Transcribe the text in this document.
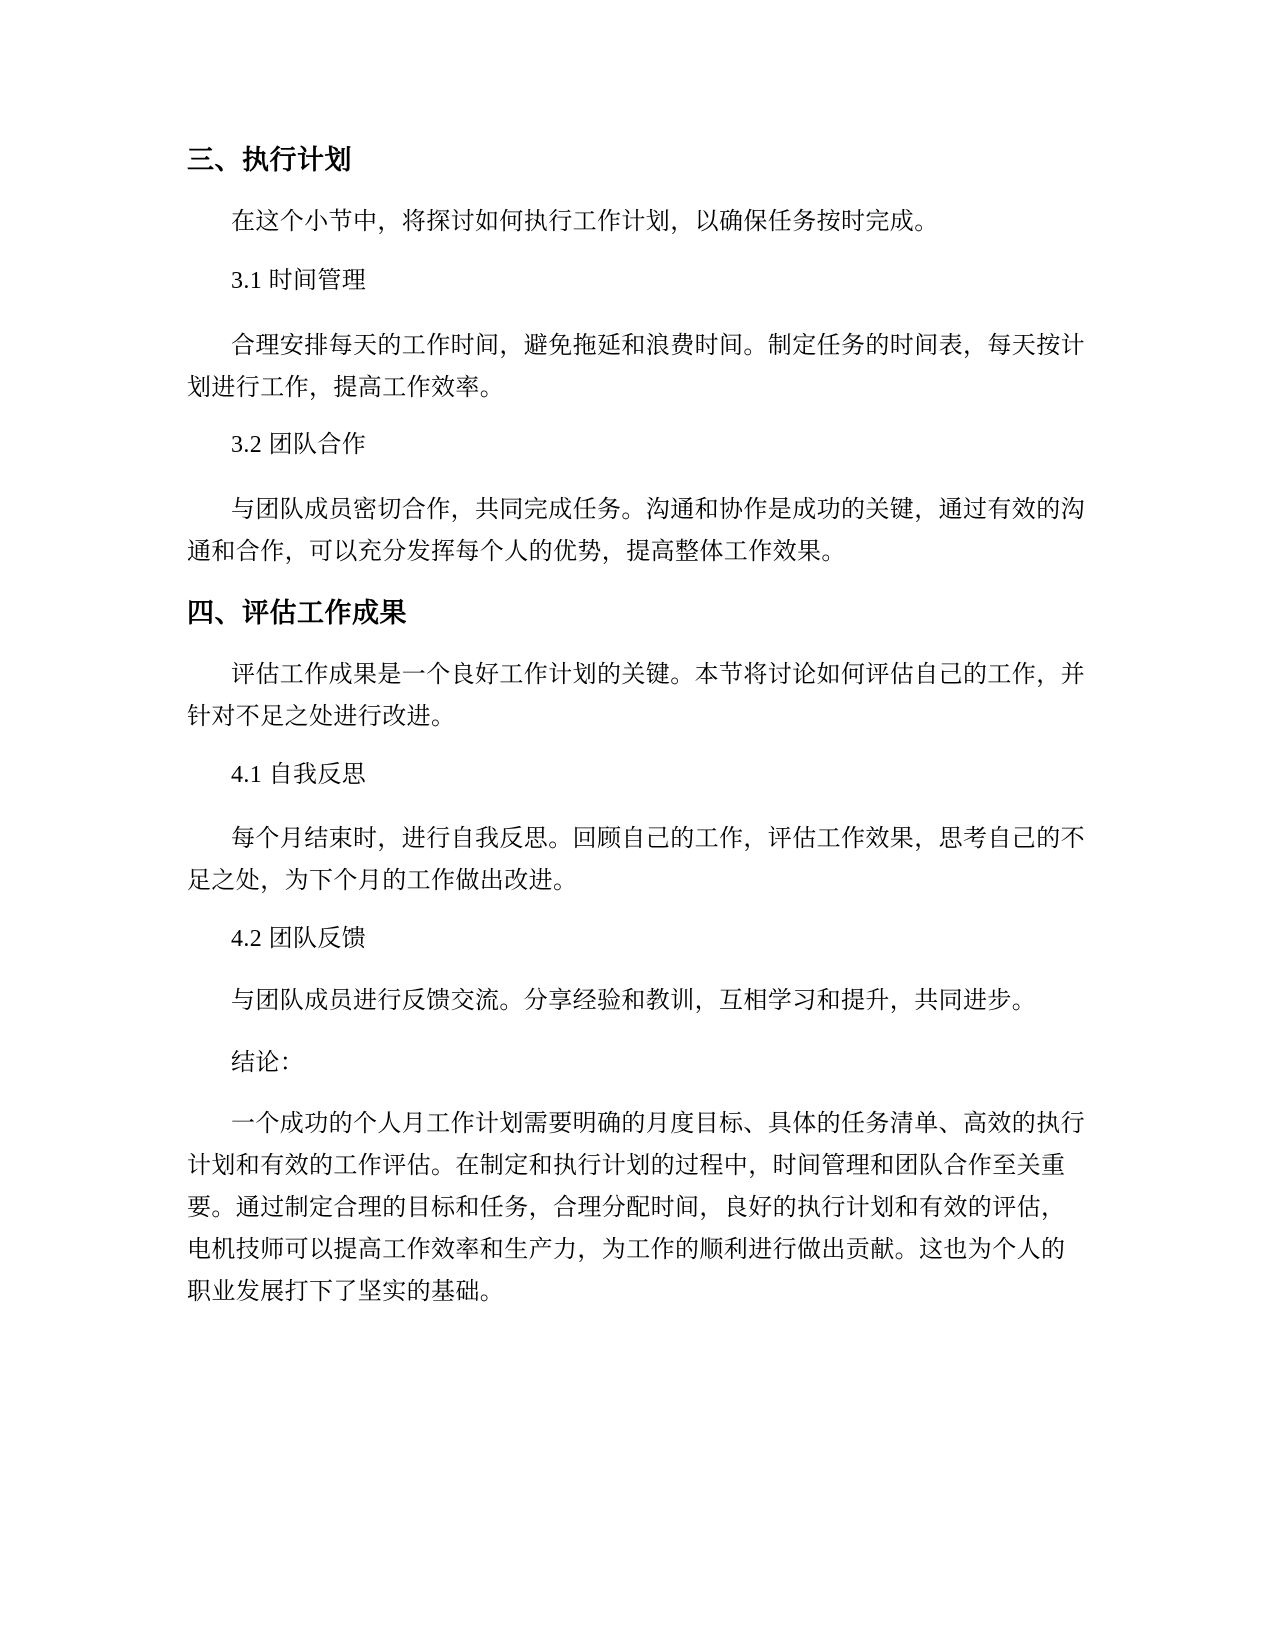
三、执行计划

在这个小节中，将探讨如何执行工作计划，以确保任务按时完成。

3.1 时间管理

合理安排每天的工作时间，避免拖延和浪费时间。制定任务的时间表，每天按计划进行工作，提高工作效率。

3.2 团队合作

与团队成员密切合作，共同完成任务。沟通和协作是成功的关键，通过有效的沟通和合作，可以充分发挥每个人的优势，提高整体工作效果。

四、评估工作成果

评估工作成果是一个良好工作计划的关键。本节将讨论如何评估自己的工作，并针对不足之处进行改进。

4.1 自我反思

每个月结束时，进行自我反思。回顾自己的工作，评估工作效果，思考自己的不足之处，为下个月的工作做出改进。

4.2 团队反馈

与团队成员进行反馈交流。分享经验和教训，互相学习和提升，共同进步。

结论：

一个成功的个人月工作计划需要明确的月度目标、具体的任务清单、高效的执行计划和有效的工作评估。在制定和执行计划的过程中，时间管理和团队合作至关重要。通过制定合理的目标和任务，合理分配时间，良好的执行计划和有效的评估，电机技师可以提高工作效率和生产力，为工作的顺利进行做出贡献。这也为个人的职业发展打下了坚实的基础。
